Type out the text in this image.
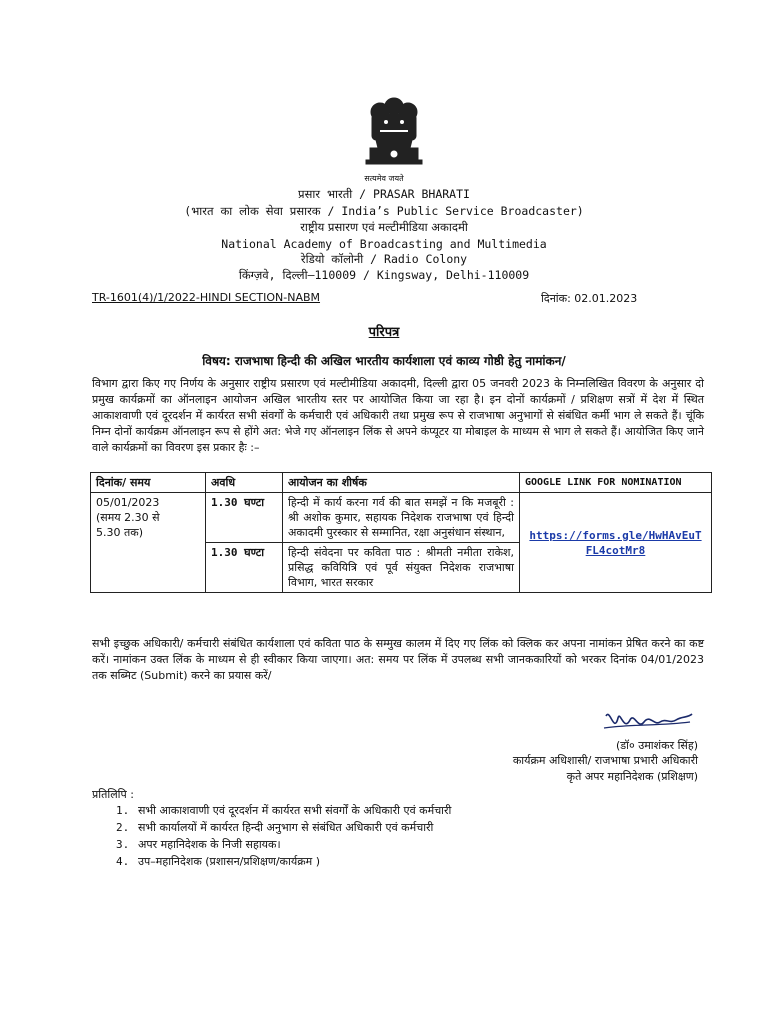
सत्यमेव जयते
प्रसार भारती / PRASAR BHARATI
(भारत का लोक सेवा प्रसारक / India’s Public Service Broadcaster)
राष्ट्रीय प्रसारण एवं मल्टीमीडिया अकादमी
National Academy of Broadcasting and Multimedia
रेडियो कॉलोनी / Radio Colony
किंग्ज़वे, दिल्ली–110009 / Kingsway, Delhi-110009
TR-1601(4)/1/2022-HINDI SECTION-NABM	दिनांक: 02.01.2023
परिपत्र
विषय: राजभाषा हिन्दी की अखिल भारतीय कार्यशाला एवं काव्य गोष्ठी हेतु नामांकन/
विभाग द्वारा किए गए निर्णय के अनुसार राष्ट्रीय प्रसारण एवं मल्टीमीडिया अकादमी, दिल्ली द्वारा 05 जनवरी 2023 के निम्नलिखित विवरण के अनुसार दो प्रमुख कार्यक्रमों का ऑनलाइन आयोजन अखिल भारतीय स्तर पर आयोजित किया जा रहा है। इन दोनों कार्यक्रमों / प्रशिक्षण सत्रों में देश में स्थित आकाशवाणी एवं दूरदर्शन में कार्यरत सभी संवर्गों के कर्मचारी एवं अधिकारी तथा प्रमुख रूप से राजभाषा अनुभागों से संबंधित कर्मी भाग ले सकते हैं। चूंकि निम्न दोनों कार्यक्रम ऑनलाइन रूप से होंगे अत: भेजे गए ऑनलाइन लिंक से अपने कंप्यूटर या मोबाइल के माध्यम से भाग ले सकते हैं। आयोजित किए जाने वाले कार्यक्रमों का विवरण इस प्रकार हैः :–
दिनांक/ समय	अवधि	आयोजन का शीर्षक	GOOGLE LINK FOR NOMINATION
05/01/2023
(समय 2.30 से
5.30 तक)	1.30 घण्टा	हिन्दी में कार्य करना गर्व की बात समझें न कि मजबूरी : श्री अशोक कुमार, सहायक निदेशक राजभाषा एवं हिन्दी अकादमी पुरस्कार से सम्मानित, रक्षा अनुसंधान संस्थान,	https://forms.gle/HwHAvEuTFL4cotMr8

	1.30 घण्टा	हिन्दी संवेदना पर कविता पाठ : श्रीमती नमीता राकेश, प्रसिद्ध कवियित्रि एवं पूर्व संयुक्त निदेशक राजभाषा विभाग, भारत सरकार	
सभी इच्छुक अधिकारी/ कर्मचारी संबंधित कार्यशाला एवं कविता पाठ के सम्मुख कालम में दिए गए लिंक को क्लिक कर अपना नामांकन प्रेषित करने का कष्ट करें। नामांकन उक्त लिंक के माध्यम से ही स्वीकार किया जाएगा। अत: समय पर लिंक में उपलब्ध सभी जानककारियों को भरकर दिनांक 04/01/2023 तक सब्मिट (Submit) करने का प्रयास करें/
(डॉ० उमाशंकर सिंह)
कार्यक्रम अधिशासी/ राजभाषा प्रभारी अधिकारी
कृते अपर महानिदेशक (प्रशिक्षण)
प्रतिलिपि :
1. सभी आकाशवाणी एवं दूरदर्शन में कार्यरत सभी संवर्गों के अधिकारी एवं कर्मचारी
2. सभी कार्यालयों में कार्यरत हिन्दी अनुभाग से संबंधित अधिकारी एवं कर्मचारी
3. अपर महानिदेशक के निजी सहायक।
4. उप–महानिदेशक (प्रशासन/प्रशिक्षण/कार्यक्रम )
